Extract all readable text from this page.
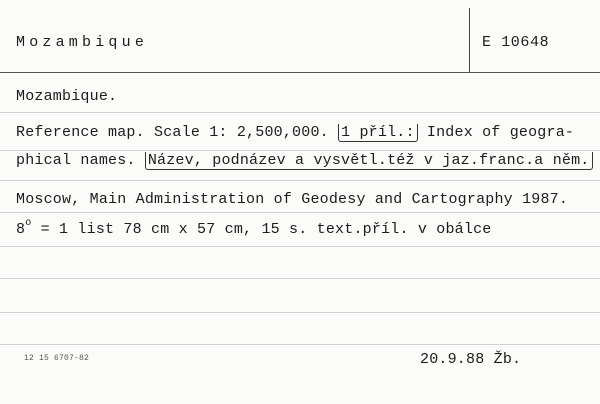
Mozambique	E 10648
Mozambique.
Reference map. Scale 1: 2,500,000. 1 příl.: Index of geogra-
phical names. Název, podnázev a vysvětl.též v jaz.franc.a něm.
Moscow, Main Administration of Geodesy and Cartography 1987.
$8^o = 1$ list 78 cm x 57 cm, 15 s. text.příl. v obálce
12 15 6707-82	20.9.88 Žb.
